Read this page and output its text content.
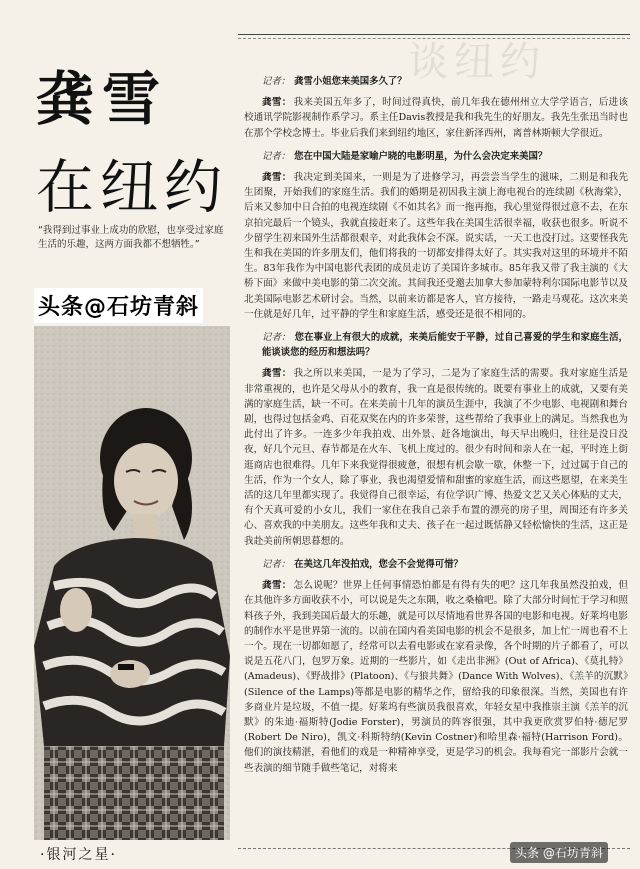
谈纽约
龚雪
在纽约
“我得到过事业上成功的欣慰，也享受过家庭生活的乐趣，这两方面我都不想牺牲。”
头条@石坊青斜

记者： 龚雪小姐您来美国多久了？

龚雪： 我来美国五年多了，时间过得真快，前几年我在德州州立大学学语言，后进该校通讯学院影视制作系学习。系主任Davis教授是我和我先生的好朋友。我先生张迅当时也在那个学校念博士。毕业后我们来到纽约地区，家住新泽西州，离普林斯顿大学很近。

记者： 您在中国大陆是家喻户晓的电影明星，为什么会决定来美国？

龚雪： 我决定到美国来，一则是为了进修学习，再尝尝当学生的滋味，二则是和我先生团聚，开始我们的家庭生活。我们的婚期是初因我主演上海电视台的连续剧《秋海棠》，后来又参加中日合拍的电视连续剧《不如其名》而一拖再拖，我心里觉得很过意不去，在东京拍完最后一个镜头，我就直接赶来了。这些年我在美国生活很幸福，收获也很多。听说不少留学生初来国外生活都很艰辛，对此我体会不深。说实话，一天工也没打过。这要怪我先生和我在美国的许多朋友们，他们将我的一切都安排得太好了。其实我对这里的环境并不陌生。83年我作为中国电影代表团的成员走访了美国许多城市。85年我又带了我主演的《大桥下面》来做中美电影的第二次交流。其间我还受邀去加拿大参加蒙特利尔国际电影节以及北美国际电影艺术研讨会。当然，以前来访都是客人，官方接待，一路走马观花。这次来美一住就是好几年，过平静的学生和家庭生活，感受还是很不相同的。

记者： 您在事业上有很大的成就，来美后能安于平静，过自己喜爱的学生和家庭生活，能谈谈您的经历和想法吗？

龚雪： 我之所以来美国，一是为了学习，二是为了家庭生活的需要。我对家庭生活是非常重视的，也许是父母从小的教育，我一直是很传统的。既要有事业上的成就，又要有美满的家庭生活，缺一不可。在来美前十几年的演员生涯中，我演了不少电影、电视剧和舞台剧，也得过包括金鸡、百花双奖在内的许多荣誉，这些帮给了我事业上的满足。当然我也为此付出了许多。一连多少年我拍戏、出外景、赶各地演出，每天早出晚归，往往是没日没夜，好几个元旦、春节都是在火车、飞机上度过的。很少有时间和亲人在一起，平时连上街逛商店也很难得。几年下来我觉得很疲惫，很想有机会歇一歇，休整一下，过过属于自己的生活，作为一个女人，除了事业，我也渴望爱情和甜蜜的家庭生活，而这些愿望，在来美生活的这几年里都实现了。我觉得自己很幸运，有位学识广博、热爱文艺又关心体贴的丈夫，有个天真可爱的小女儿，我们一家住在我自己亲手布置的漂亮的房子里，周围还有许多关心、喜欢我的中美朋友。这些年我和丈夫、孩子在一起过既恬静又轻松愉快的生活，这正是我赴美前所朝思暮想的。

记者： 在美这几年没拍戏，您会不会觉得可惜？

龚雪： 怎么说呢？世界上任何事情恐怕都是有得有失的吧？这几年我虽然没拍戏，但在其他许多方面收获不小，可以说是失之东隅，收之桑榆吧。除了大部分时间忙于学习和照料孩子外，我到美国后最大的乐趣，就是可以尽情地看世界各国的电影和电视。好莱坞电影的制作水平是世界第一流的。以前在国内看美国电影的机会不是很多，加上忙一周也看不上一个。现在一切都如愿了，经常可以去看电影或在家看录像，各个时期的片子都看了，可以说是五花八门，包罗万象。近期的一些影片，如《走出非洲》(Out of Africa)、《莫扎特》(Amadeus)、《野战排》(Platoon)、《与狼共舞》(Dance With Wolves)、《羔羊的沉默》(Silence of the Lamps)等都是电影的精华之作，留给我的印象很深。当然，美国也有许多商业片是垃圾，不值一提。好莱坞有些演员我很喜欢，年轻女星中我推崇主演《羔羊的沉默》的朱迪·福斯特(Jodie Forster)，男演员的阵容很强，其中我更欣赏罗伯特·德尼罗(Robert De Niro)，凯文·科斯特纳(Kevin Costner)和哈里森·福特(Harrison Ford)。他们的演技精湛，看他们的戏是一种精神享受，更是学习的机会。我每看完一部影片会就一些表演的细节随手做些笔记，对将来

·银河之星·	头条 @石坊青斜
